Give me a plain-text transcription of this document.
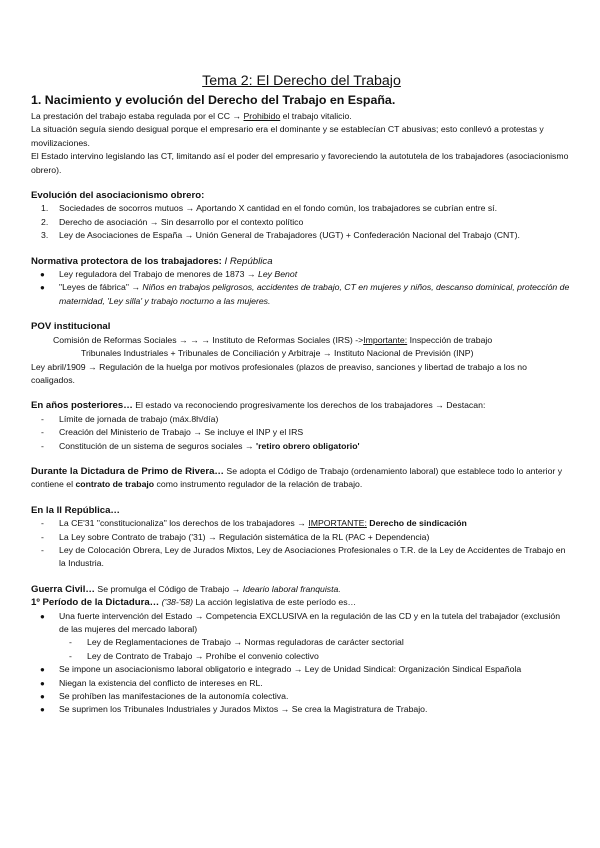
Tema 2: El Derecho del Trabajo
1. Nacimiento y evolución del Derecho del Trabajo en España.

La prestación del trabajo estaba regulada por el CC → Prohibido el trabajo vitalicio.

La situación seguía siendo desigual porque el empresario era el dominante y se establecían CT abusivas; esto conllevó a protestas y movilizaciones.

El Estado intervino legislando las CT, limitando así el poder del empresario y favoreciendo la autotutela de los trabajadores (asociacionismo obrero).

Evolución del asociacionismo obrero:

1. Sociedades de socorros mutuos → Aportando X cantidad en el fondo común, los trabajadores se cubrían entre sí.
2. Derecho de asociación → Sin desarrollo por el contexto político
3. Ley de Asociaciones de España → Unión General de Trabajadores (UGT) + Confederación Nacional del Trabajo (CNT).

Normativa protectora de los trabajadores: I República

● Ley reguladora del Trabajo de menores de 1873 → Ley Benot
● "Leyes de fábrica" → Niños en trabajos peligrosos, accidentes de trabajo, CT en mujeres y niños, descanso dominical, protección de maternidad, 'Ley silla' y trabajo nocturno a las mujeres.

POV institucional

Comisión de Reformas Sociales → → → Instituto de Reformas Sociales (IRS) ->Importante: Inspección de trabajo

Tribunales Industriales + Tribunales de Conciliación y Arbitraje → Instituto Nacional de Previsión (INP)

Ley abril/1909 → Regulación de la huelga por motivos profesionales (plazos de preaviso, sanciones y libertad de trabajo a los no coaligados.

En años posteriores… El estado va reconociendo progresivamente los derechos de los trabajadores → Destacan:

- Límite de jornada de trabajo (máx.8h/día)
- Creación del Ministerio de Trabajo → Se incluye el INP y el IRS
- Constitución de un sistema de seguros sociales → 'retiro obrero obligatorio'

Durante la Dictadura de Primo de Rivera… Se adopta el Código de Trabajo (ordenamiento laboral) que establece todo lo anterior y contiene el contrato de trabajo como instrumento regulador de la relación de trabajo.

En la II República…

- La CE'31 "constitucionaliza" los derechos de los trabajadores → IMPORTANTE: Derecho de sindicación
- La Ley sobre Contrato de trabajo ('31) → Regulación sistemática de la RL (PAC + Dependencia)
- Ley de Colocación Obrera, Ley de Jurados Mixtos, Ley de Asociaciones Profesionales o T.R. de la Ley de Accidentes de Trabajo en la Industria.

Guerra Civil… Se promulga el Código de Trabajo → Ideario laboral franquista.

1º Período de la Dictadura… ('38-'58) La acción legislativa de este período es…

● Una fuerte intervención del Estado → Competencia EXCLUSIVA en la regulación de las CD y en la tutela del trabajador (exclusión de las mujeres del mercado laboral)
- Ley de Reglamentaciones de Trabajo → Normas reguladoras de carácter sectorial
- Ley de Contrato de Trabajo → Prohíbe el convenio colectivo
● Se impone un asociacionismo laboral obligatorio e integrado → Ley de Unidad Sindical: Organización Sindical Española
● Niegan la existencia del conflicto de intereses en RL.
● Se prohíben las manifestaciones de la autonomía colectiva.
● Se suprimen los Tribunales Industriales y Jurados Mixtos → Se crea la Magistratura de Trabajo.
